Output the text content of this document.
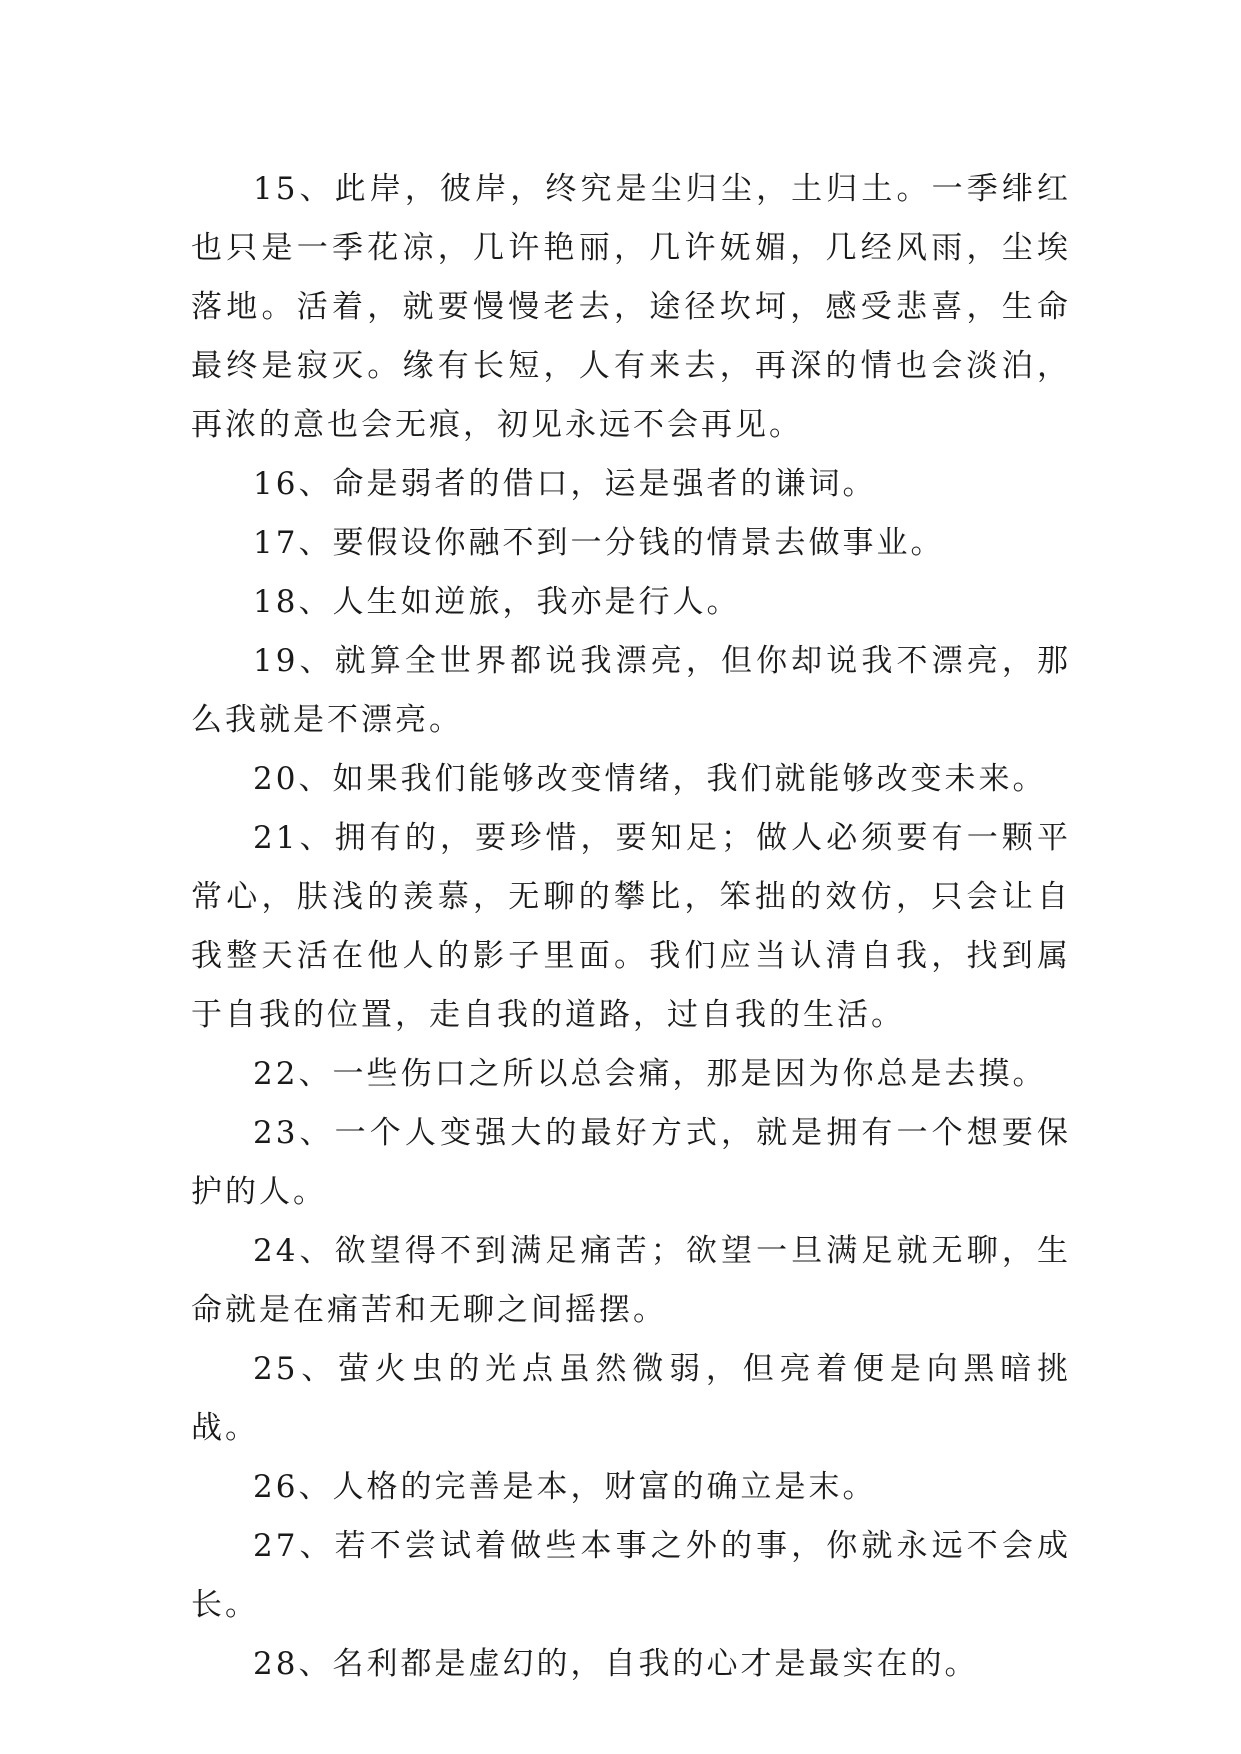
15、此岸，彼岸，终究是尘归尘，土归土。一季绯红也只是一季花凉，几许艳丽，几许妩媚，几经风雨，尘埃落地。活着，就要慢慢老去，途径坎坷，感受悲喜，生命最终是寂灭。缘有长短，人有来去，再深的情也会淡泊，再浓的意也会无痕，初见永远不会再见。

16、命是弱者的借口，运是强者的谦词。

17、要假设你融不到一分钱的情景去做事业。

18、人生如逆旅，我亦是行人。

19、就算全世界都说我漂亮，但你却说我不漂亮，那么我就是不漂亮。

20、如果我们能够改变情绪，我们就能够改变未来。

21、拥有的，要珍惜，要知足；做人必须要有一颗平常心，肤浅的羡慕，无聊的攀比，笨拙的效仿，只会让自我整天活在他人的影子里面。我们应当认清自我，找到属于自我的位置，走自我的道路，过自我的生活。

22、一些伤口之所以总会痛，那是因为你总是去摸。

23、一个人变强大的最好方式，就是拥有一个想要保护的人。

24、欲望得不到满足痛苦；欲望一旦满足就无聊，生命就是在痛苦和无聊之间摇摆。

25、萤火虫的光点虽然微弱，但亮着便是向黑暗挑战。

26、人格的完善是本，财富的确立是末。

27、若不尝试着做些本事之外的事，你就永远不会成长。

28、名利都是虚幻的，自我的心才是最实在的。
